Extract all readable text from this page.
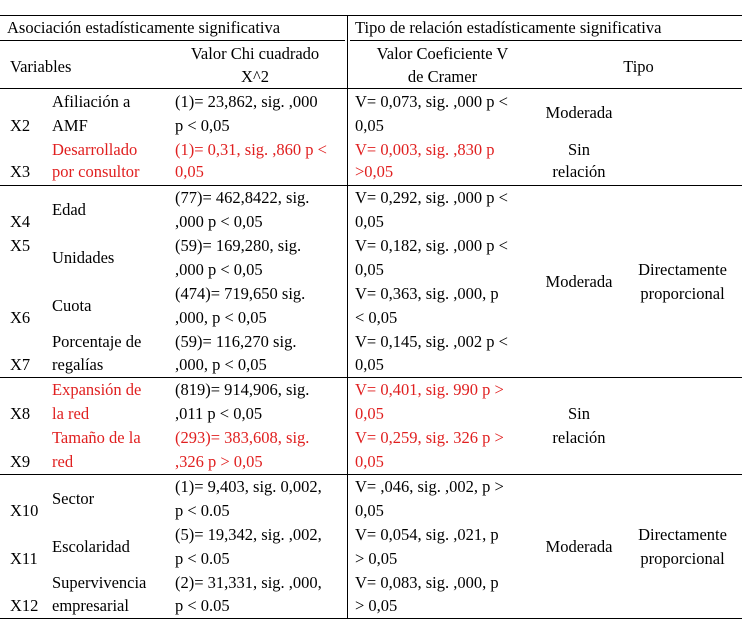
Asociación estadísticamente significativa	Tipo de relación estadísticamente significativa
Variables
Valor Chi cuadrado
X^2
Valor Coeficiente V
de Cramer
Tipo
X2
Afiliación a
AMF
(1)= 23,862, sig. ,000
p < 0,05
V= 0,073, sig. ,000 p <
0,05
Moderada
X3
Desarrollado
por consultor
(1)= 0,31, sig. ,860 p <
0,05
V= 0,003, sig. ,830 p
>0,05
Sin
relación
X4
Edad
(77)= 462,8422, sig.
,000 p < 0,05
V= 0,292, sig. ,000 p <
0,05
X5
Unidades
(59)= 169,280, sig.
,000 p < 0,05
V= 0,182, sig. ,000 p <
0,05
X6
Cuota
(474)= 719,650 sig.
,000, p < 0,05
V= 0,363, sig. ,000, p
< 0,05
X7
Porcentaje de
regalías
(59)= 116,270 sig.
,000, p < 0,05
V= 0,145, sig. ,002 p <
0,05
Moderada
Directamente
proporcional
X8
Expansión de
la red
(819)= 914,906, sig.
,011 p < 0,05
V= 0,401, sig. 990 p >
0,05
X9
Tamaño de la
red
(293)= 383,608, sig.
,326 p > 0,05
V= 0,259, sig. 326 p >
0,05
Sin
relación
X10
Sector
(1)= 9,403, sig. 0,002,
p < 0.05
V= ,046, sig. ,002, p >
0,05
X11
Escolaridad
(5)= 19,342, sig. ,002,
p < 0.05
V= 0,054, sig. ,021, p
> 0,05
X12
Supervivencia
empresarial
(2)= 31,331, sig. ,000,
p < 0.05
V= 0,083, sig. ,000, p
> 0,05
Moderada
Directamente
proporcional
